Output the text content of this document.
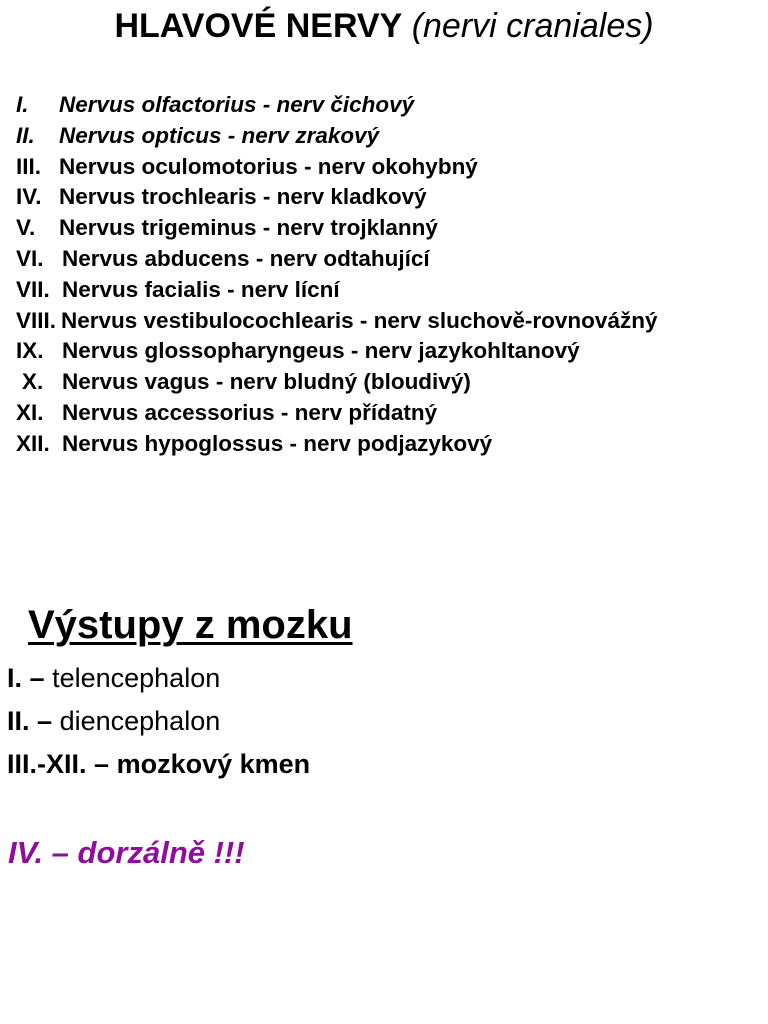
HLAVOVÉ NERVY (nervi craniales)
I. Nervus olfactorius - nerv čichový
II. Nervus opticus - nerv zrakový
III. Nervus oculomotorius - nerv okohybný
IV. Nervus trochlearis - nerv kladkový
V. Nervus trigeminus - nerv trojklanný
VI. Nervus abducens - nerv odtahující
VII. Nervus facialis - nerv lícní
VIII. Nervus vestibulocochlearis - nerv sluchově-rovnovážný
IX. Nervus glossopharyngeus - nerv jazykohltanový
X. Nervus vagus - nerv bludný (bloudivý)
XI. Nervus accessorius - nerv přídatný
XII. Nervus hypoglossus - nerv podjazykový
Výstupy z mozku
I. – telencephalon
II. – diencephalon
III.-XII. – mozkový kmen
IV. – dorzálně !!!
